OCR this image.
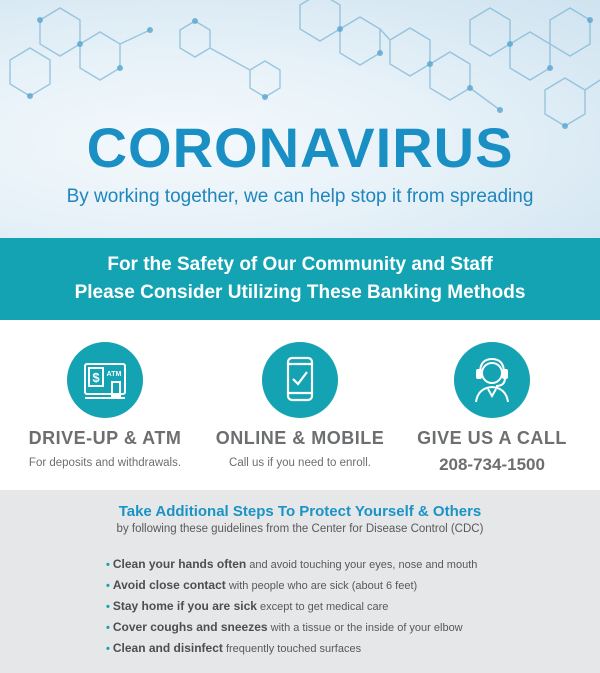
CORONAVIRUS
By working together, we can help stop it from spreading
For the Safety of Our Community and Staff
Please Consider Utilizing These Banking Methods
$ ATM
DRIVE-UP & ATM
For deposits and withdrawals.
ONLINE & MOBILE
Call us if you need to enroll.
GIVE US A CALL
208-734-1500
Take Additional Steps To Protect Yourself & Others
by following these guidelines from the Center for Disease Control (CDC)
• Clean your hands often and avoid touching your eyes, nose and mouth
• Avoid close contact with people who are sick (about 6 feet)
• Stay home if you are sick except to get medical care
• Cover coughs and sneezes with a tissue or the inside of your elbow
• Clean and disinfect frequently touched surfaces
